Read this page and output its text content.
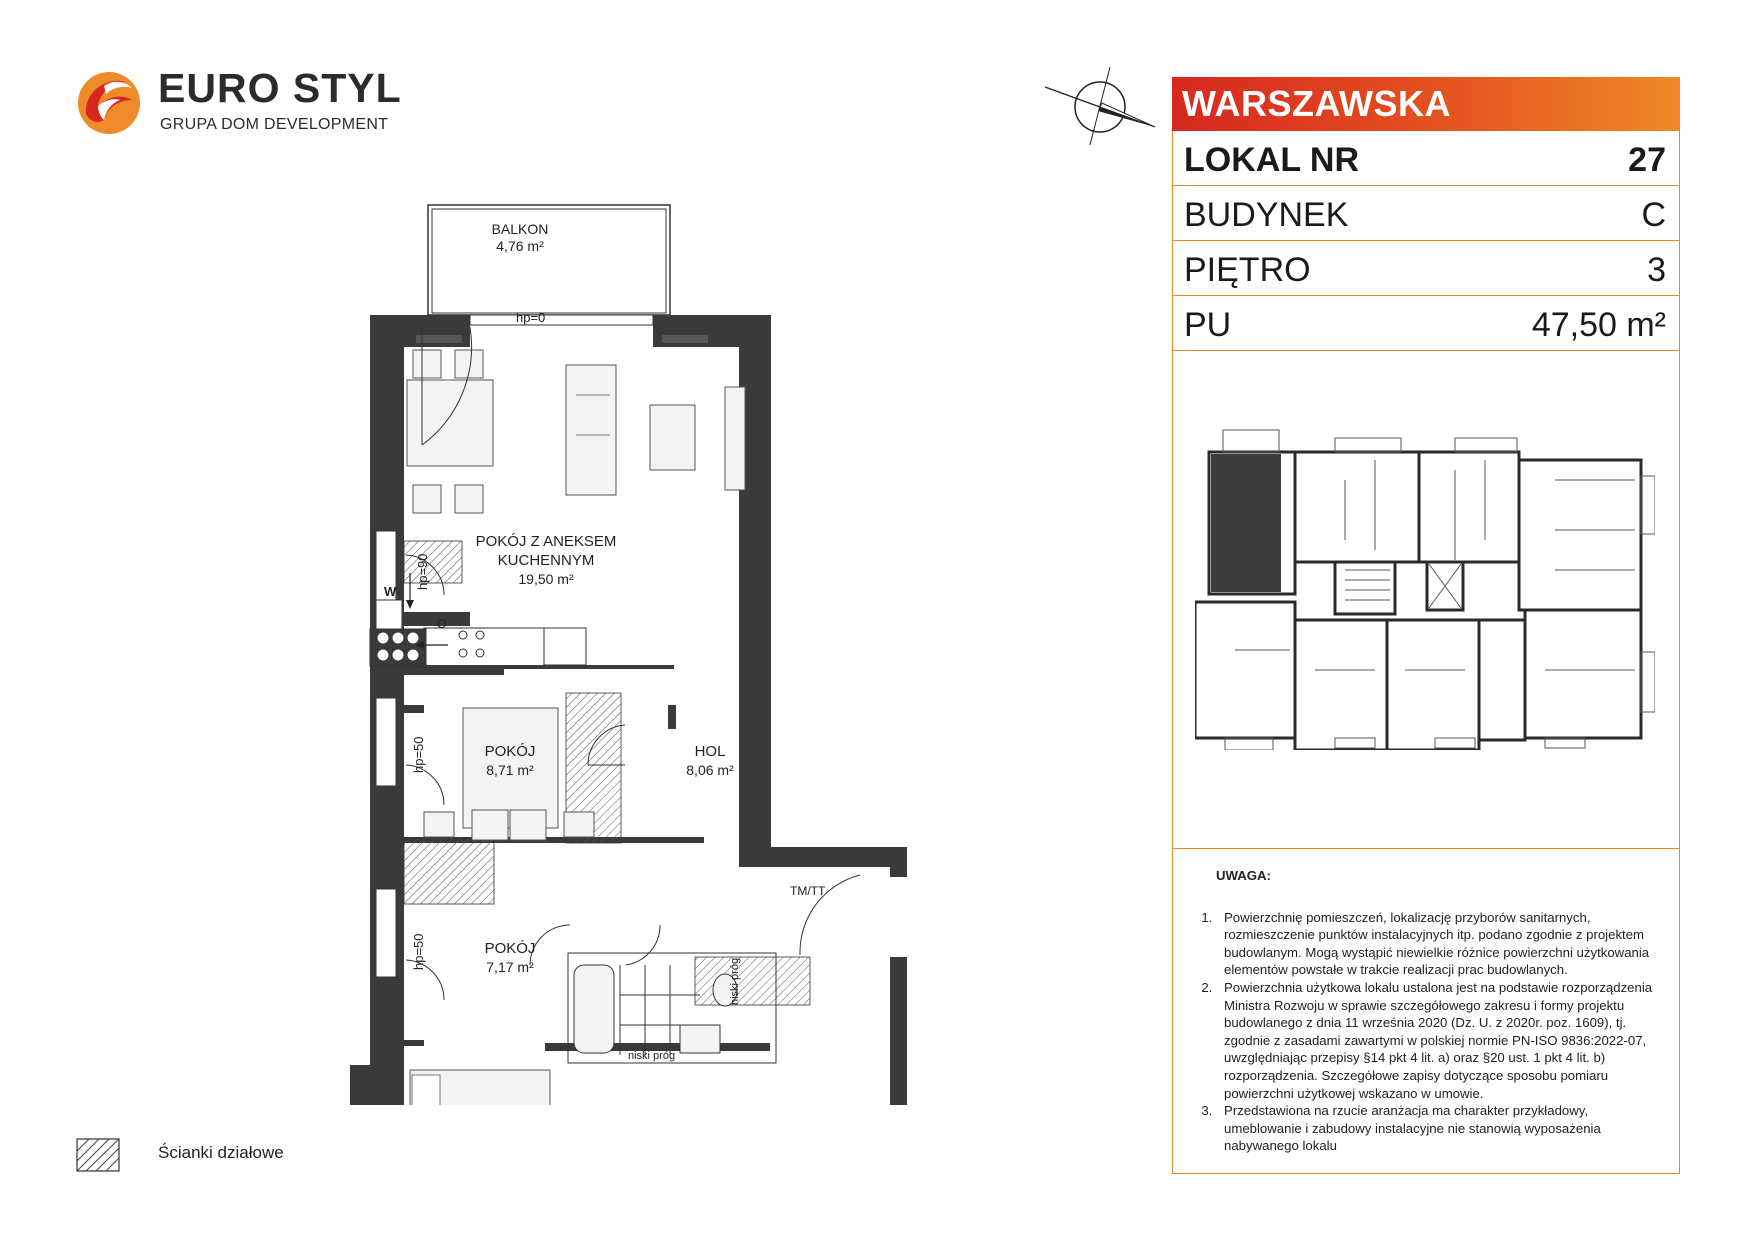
EURO STYL
GRUPA DOM DEVELOPMENT
WARSZAWSKA
LOKAL NR	27
BUDYNEK	C
PIĘTRO	3
PU	47,50 m²
UWAGA:
1. Powierzchnię pomieszczeń, lokalizację przyborów sanitarnych, rozmieszczenie punktów instalacyjnych itp. podano zgodnie z projektem budowlanym. Mogą wystąpić niewielkie różnice powierzchni użytkowania elementów powstałe w trakcie realizacji prac budowlanych.
2. Powierzchnia użytkowa lokalu ustalona jest na podstawie rozporządzenia Ministra Rozwoju w sprawie szczegółowego zakresu i formy projektu budowlanego z dnia 11 września 2020 (Dz. U. z 2020r. poz. 1609), tj. zgodnie z zasadami zawartymi w polskiej normie PN-ISO 9836:2022-07, uwzględniając przepisy §14 pkt 4 lit. a) oraz §20 ust. 1 pkt 4 lit. b) rozporządzenia. Szczegółowe zapisy dotyczące sposobu pomiaru powierzchni użytkowej wskazano w umowie.
3. Przedstawiona na rzucie aranżacja ma charakter przykładowy, umeblowanie i zabudowy instalacyjne nie stanowią wyposażenia nabywanego lokalu
BALKON
4,76 m²
hp=0
POKÓJ Z ANEKSEM
KUCHENNYM
19,50 m²
hp=90
W
O
POKÓJ
8,71 m²
hp=50	HOL
8,06 m²
TM/TT
POKÓJ
7,17 m²
hp=50
niski próg
niski próg
Ścianki działowe
